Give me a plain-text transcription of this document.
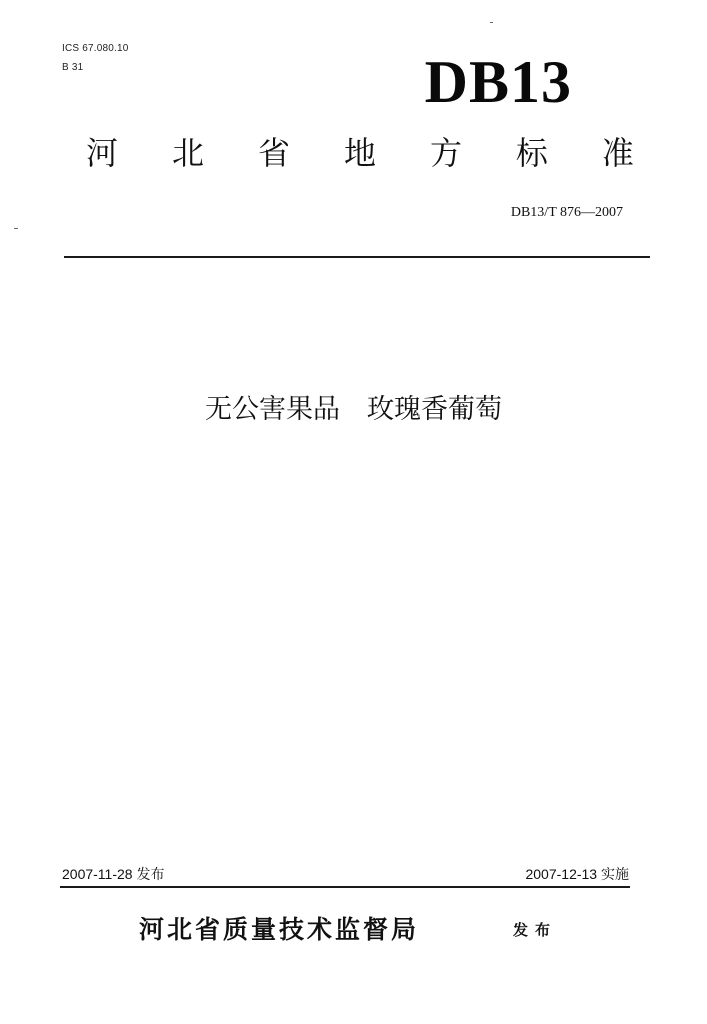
ICS 67.080.10
B 31	DB13
河 北 省 地 方 标 准
DB13/T 876—2007
无公害果品　玫瑰香葡萄
2007-11-28 发布	2007-12-13 实施
河北省质量技术监督局	发布
